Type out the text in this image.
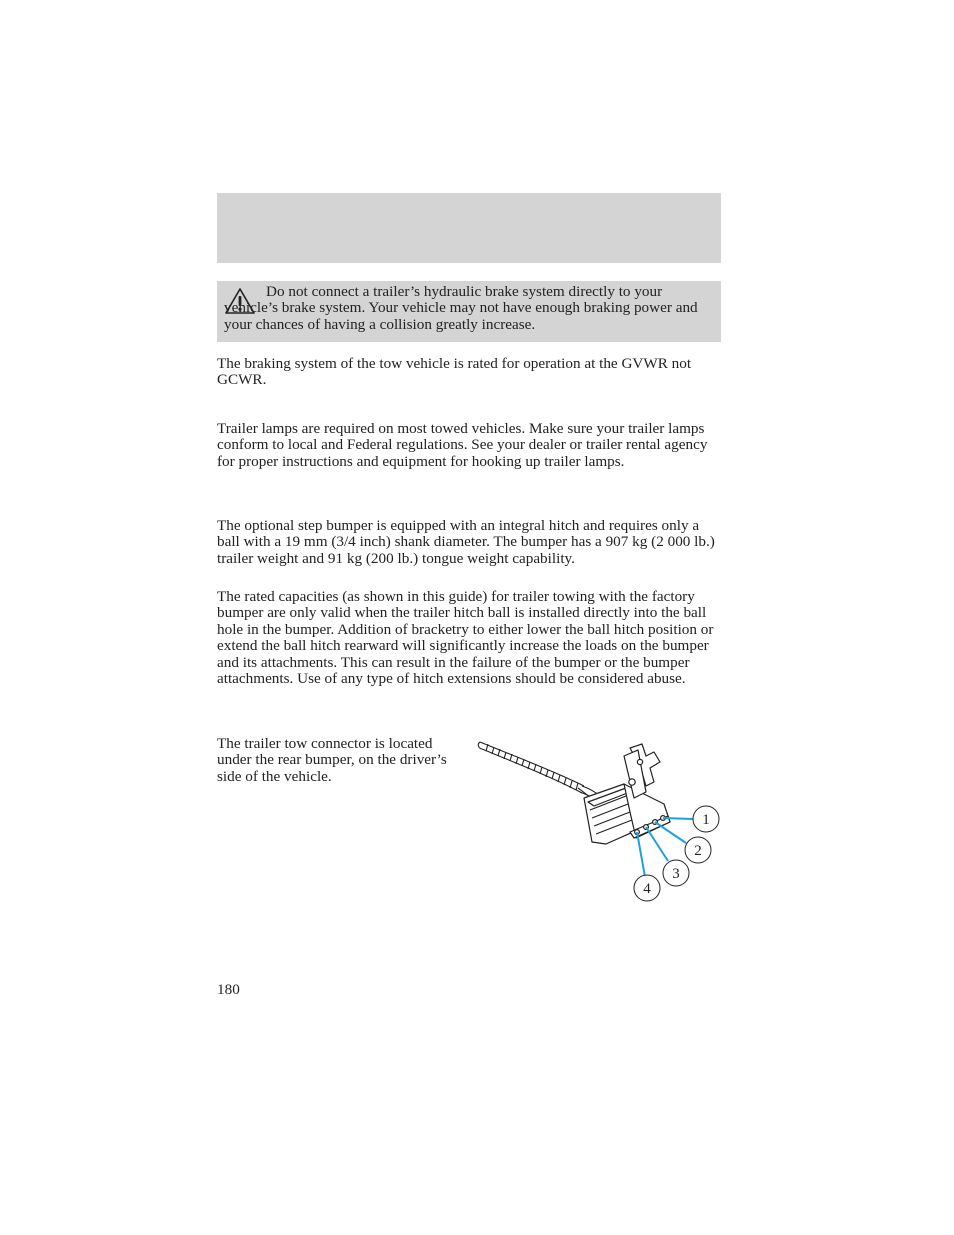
Do not connect a trailer’s hydraulic brake system directly to your vehicle’s brake system. Your vehicle may not have enough braking power and your chances of having a collision greatly increase.

The braking system of the tow vehicle is rated for operation at the GVWR not GCWR.

Trailer lamps are required on most towed vehicles. Make sure your trailer lamps conform to local and Federal regulations. See your dealer or trailer rental agency for proper instructions and equipment for hooking up trailer lamps.

The optional step bumper is equipped with an integral hitch and requires only a ball with a 19 mm (3/4 inch) shank diameter. The bumper has a 907 kg (2 000 lb.) trailer weight and 91 kg (200 lb.) tongue weight capability.

The rated capacities (as shown in this guide) for trailer towing with the factory bumper are only valid when the trailer hitch ball is installed directly into the ball hole in the bumper. Addition of bracketry to either lower the ball hitch position or extend the ball hitch rearward will significantly increase the loads on the bumper and its attachments. This can result in the failure of the bumper or the bumper attachments. Use of any type of hitch extensions should be considered abuse.

The trailer tow connector is located under the rear bumper, on the driver’s side of the vehicle.

1
2
3
4
180
